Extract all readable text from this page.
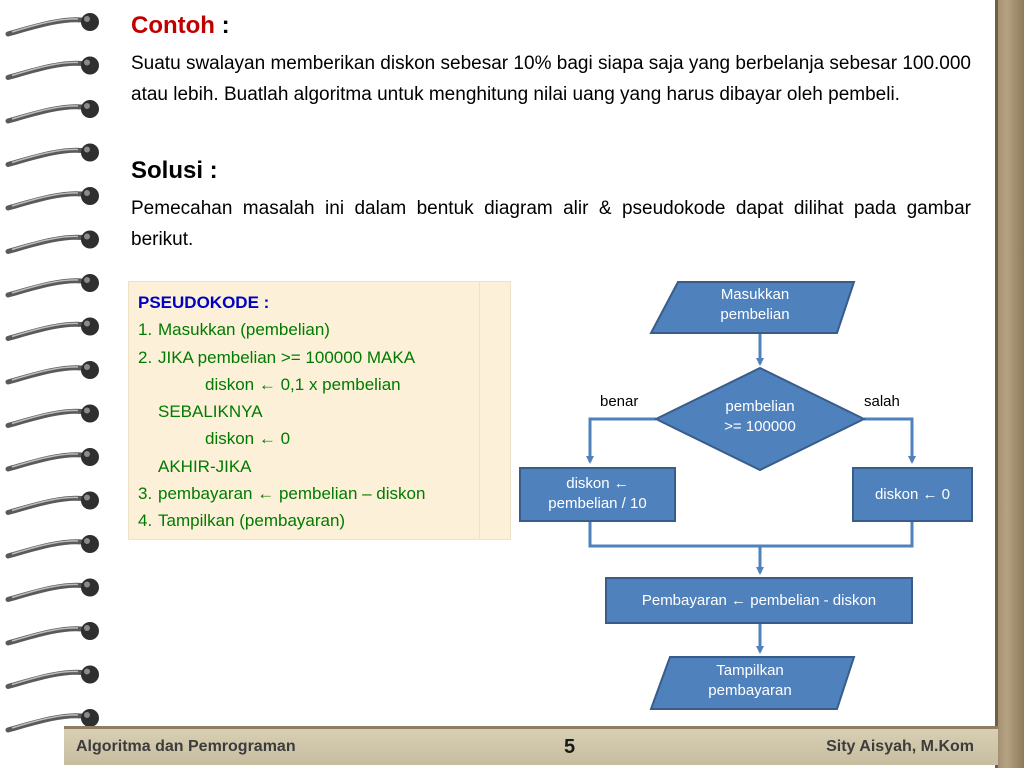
Contoh :
Suatu swalayan memberikan diskon sebesar 10% bagi siapa saja yang berbelanja sebesar 100.000 atau lebih. Buatlah algoritma untuk menghitung nilai uang yang harus dibayar oleh pembeli.
Solusi :
Pemecahan masalah ini dalam bentuk diagram alir & pseudokode dapat dilihat pada gambar berikut.
PSEUDOKODE :
1. Masukkan (pembelian)
2. JIKA pembelian >= 100000 MAKA
diskon ← 0,1 x pembelian
SEBALIKNYA
diskon ← 0
AKHIR-JIKA
3. pembayaran ← pembelian – diskon
4. Tampilkan (pembayaran)
Masukkan
pembelian
pembelian
>= 100000
benar	salah
diskon ←
pembelian / 10
diskon ← 0
Pembayaran ← pembelian - diskon
Tampilkan
pembayaran
Algoritma dan Pemrograman	5	Sity Aisyah, M.Kom
